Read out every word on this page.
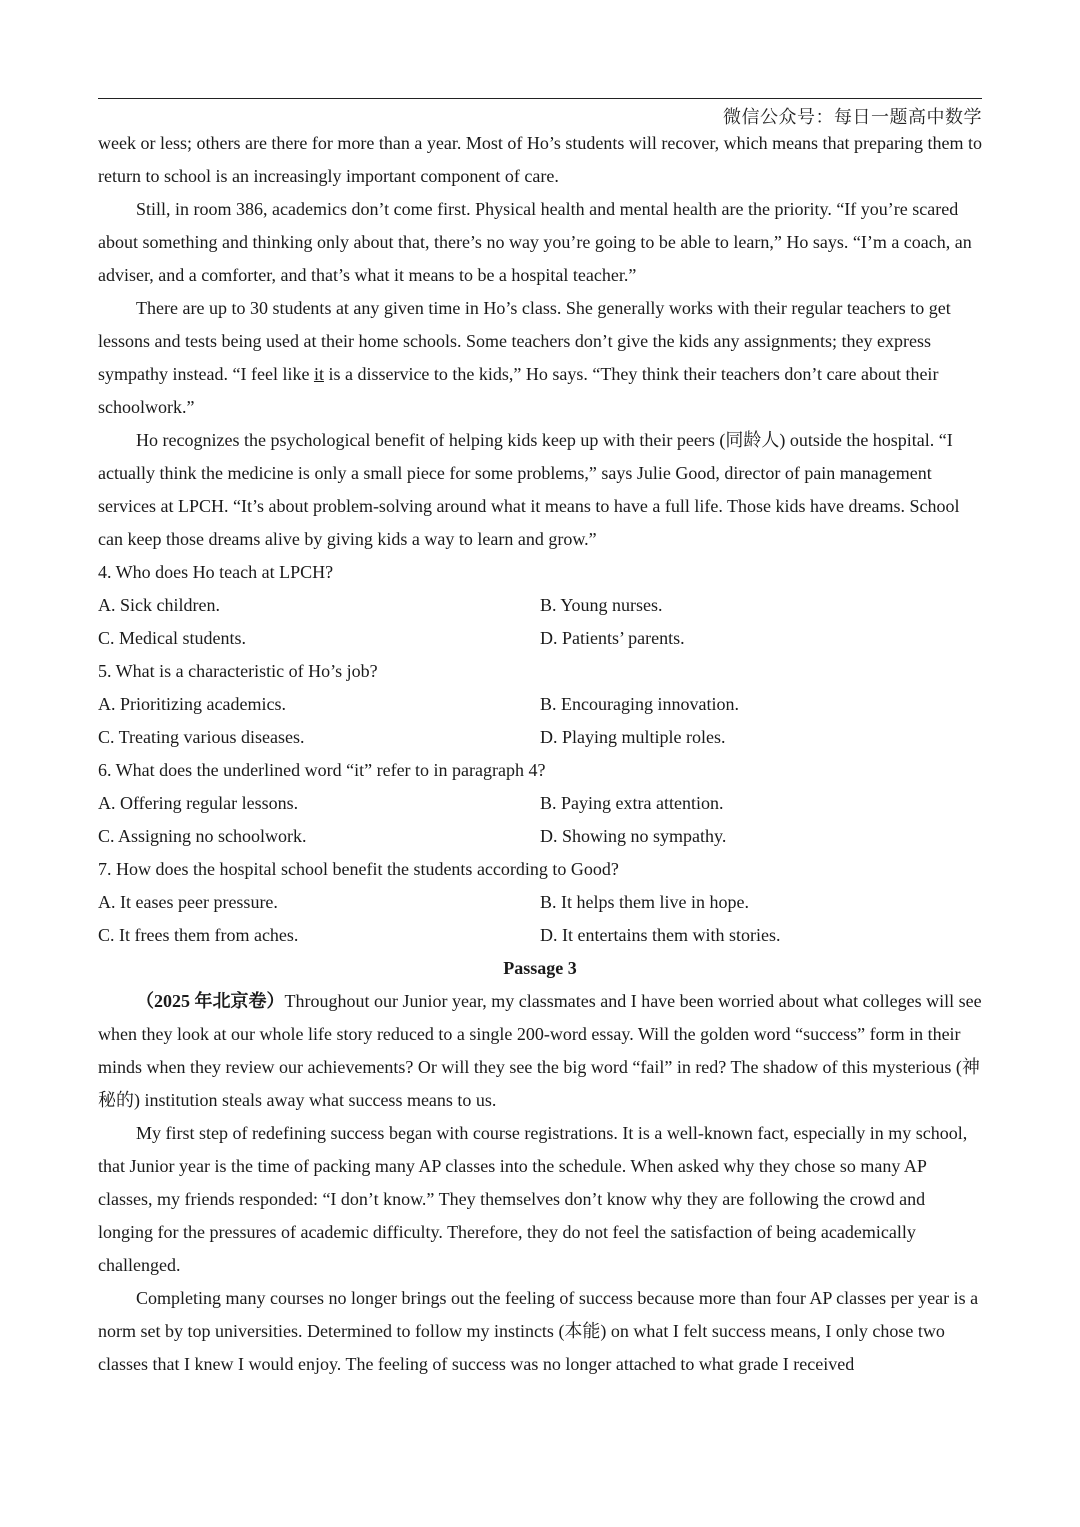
微信公众号：每日一题高中数学

week or less; others are there for more than a year. Most of Ho’s students will recover, which means that preparing them to return to school is an increasingly important component of care.

Still, in room 386, academics don’t come first. Physical health and mental health are the priority. “If you’re scared about something and thinking only about that, there’s no way you’re going to be able to learn,” Ho says. “I’m a coach, an adviser, and a comforter, and that’s what it means to be a hospital teacher.”

There are up to 30 students at any given time in Ho’s class. She generally works with their regular teachers to get lessons and tests being used at their home schools. Some teachers don’t give the kids any assignments; they express sympathy instead. “I feel like it is a disservice to the kids,” Ho says. “They think their teachers don’t care about their schoolwork.”

Ho recognizes the psychological benefit of helping kids keep up with their peers (同龄人) outside the hospital. “I actually think the medicine is only a small piece for some problems,” says Julie Good, director of pain management services at LPCH. “It’s about problem-solving around what it means to have a full life. Those kids have dreams. School can keep those dreams alive by giving kids a way to learn and grow.”

4. Who does Ho teach at LPCH?

A. Sick children.	B. Young nurses.
C. Medical students.	D. Patients’ parents.

5. What is a characteristic of Ho’s job?

A. Prioritizing academics.	B. Encouraging innovation.
C. Treating various diseases.	D. Playing multiple roles.

6. What does the underlined word “it” refer to in paragraph 4?

A. Offering regular lessons.	B. Paying extra attention.
C. Assigning no schoolwork.	D. Showing no sympathy.

7. How does the hospital school benefit the students according to Good?

A. It eases peer pressure.	B. It helps them live in hope.
C. It frees them from aches.	D. It entertains them with stories.

Passage 3

（2025 年北京卷）Throughout our Junior year, my classmates and I have been worried about what colleges will see when they look at our whole life story reduced to a single 200-word essay. Will the golden word “success” form in their minds when they review our achievements? Or will they see the big word “fail” in red? The shadow of this mysterious (神秘的) institution steals away what success means to us.

My first step of redefining success began with course registrations. It is a well-known fact, especially in my school, that Junior year is the time of packing many AP classes into the schedule. When asked why they chose so many AP classes, my friends responded: “I don’t know.” They themselves don’t know why they are following the crowd and longing for the pressures of academic difficulty. Therefore, they do not feel the satisfaction of being academically challenged.

Completing many courses no longer brings out the feeling of success because more than four AP classes per year is a norm set by top universities. Determined to follow my instincts (本能) on what I felt success means, I only chose two classes that I knew I would enjoy. The feeling of success was no longer attached to what grade I received
